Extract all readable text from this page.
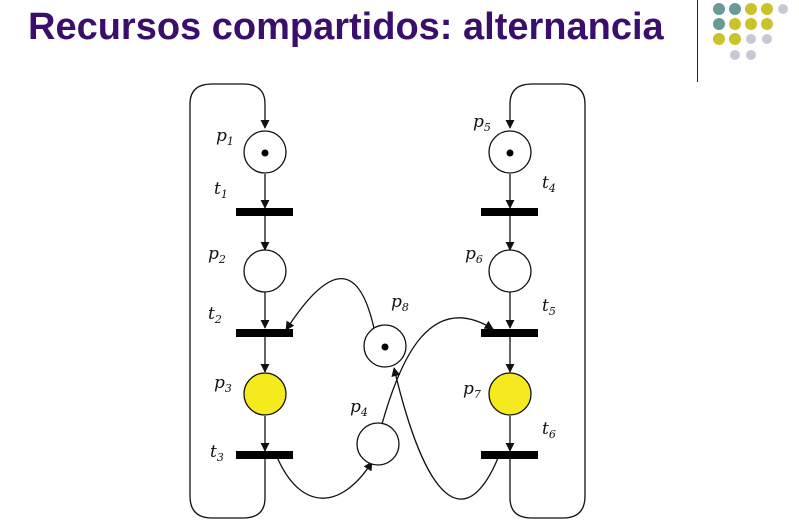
Recursos compartidos: alternancia
$p_1$
$p_2$
$p_3$
$p_4$
$p_5$
$p_6$
$p_7$
$p_8$
$t_1$
$t_2$
$t_3$
$t_4$
$t_5$
$t_6$
